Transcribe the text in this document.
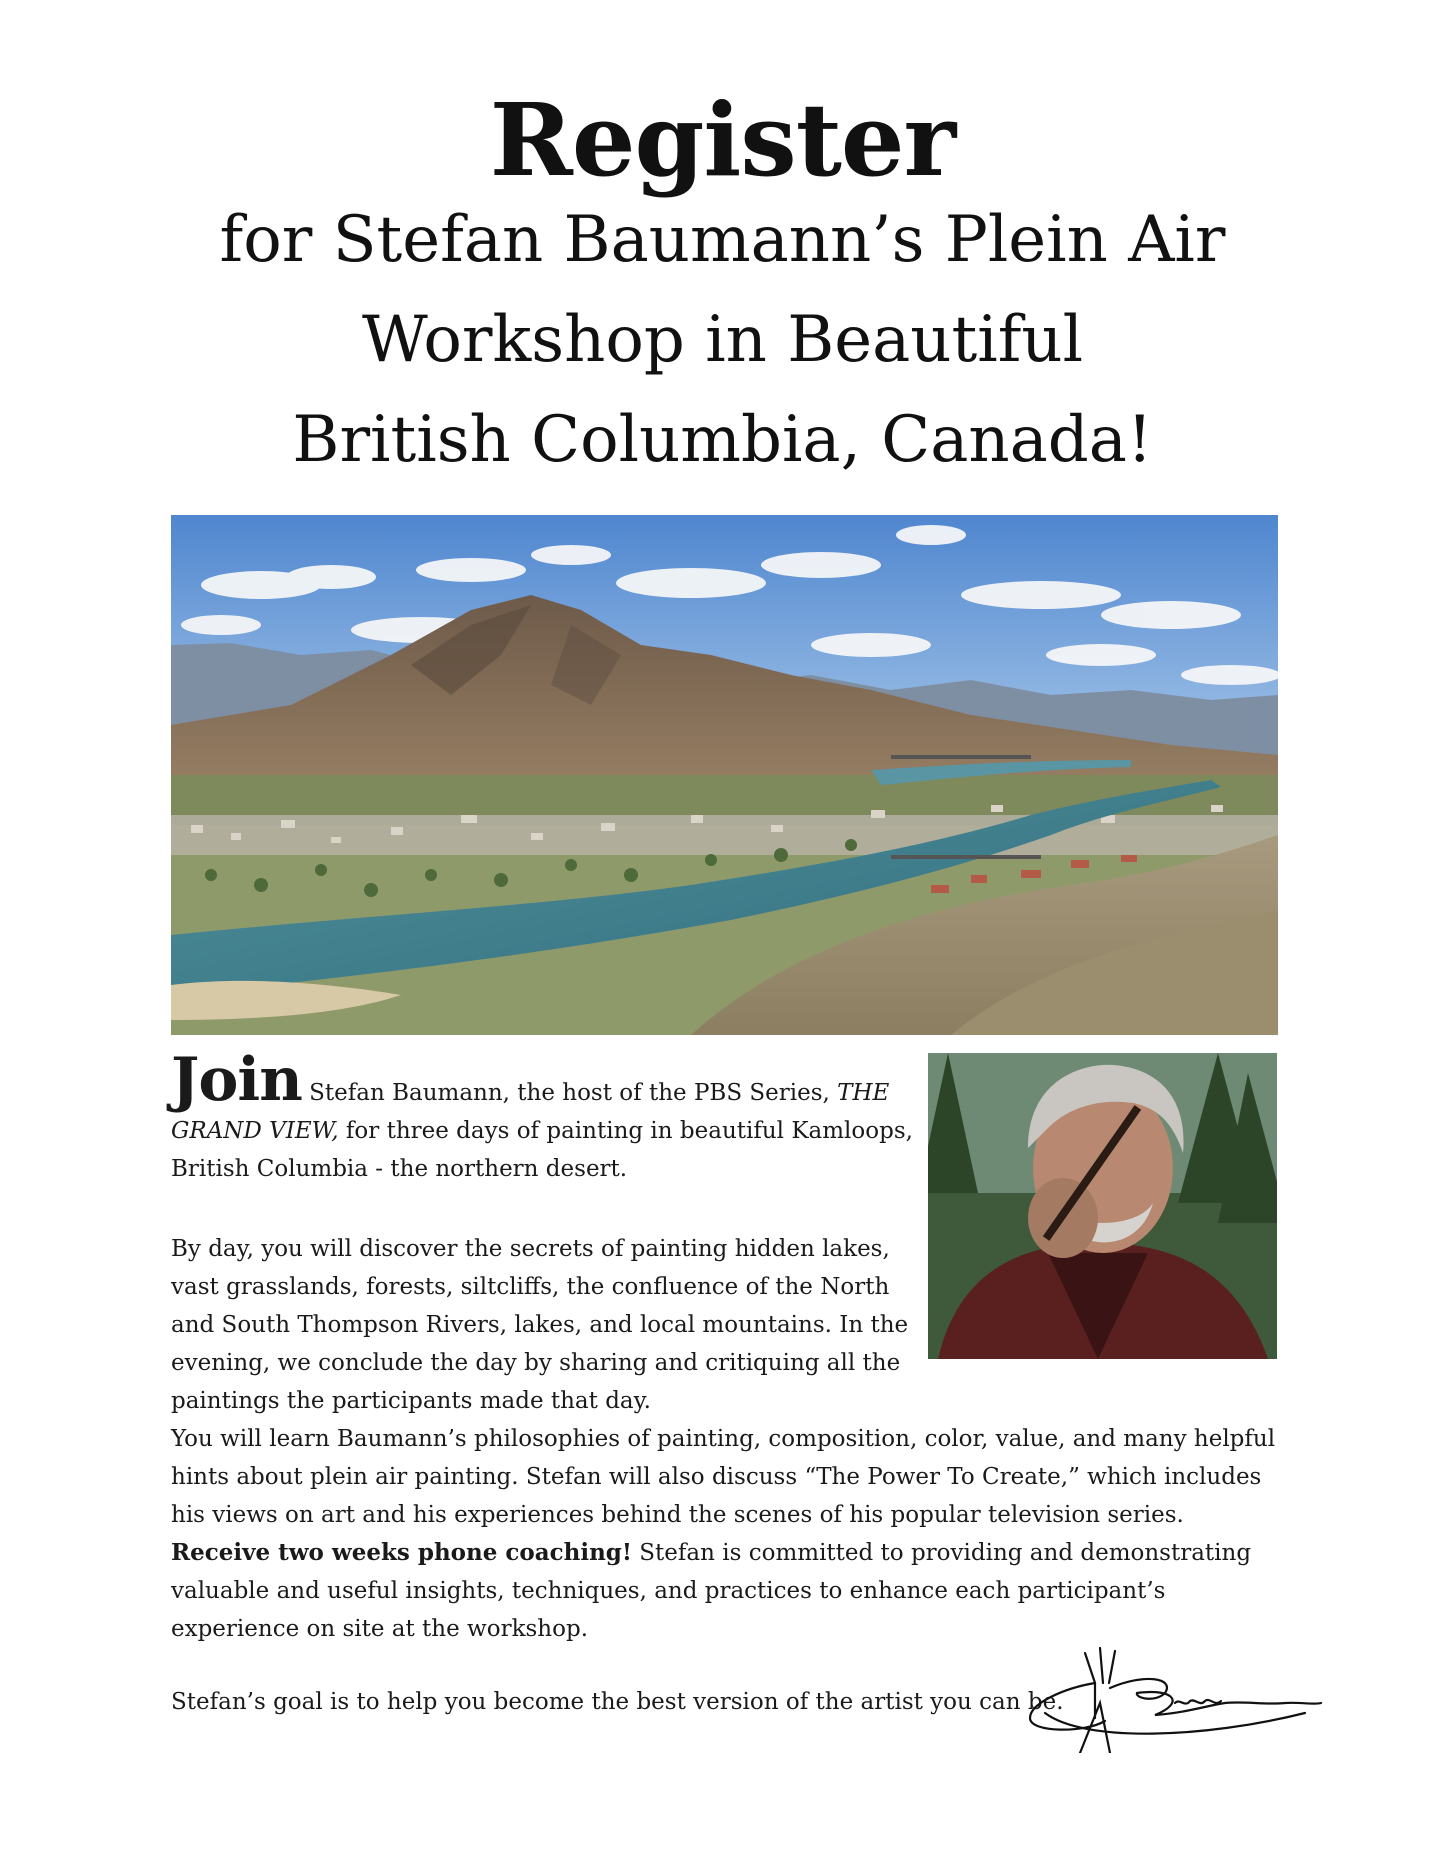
Register
for Stefan Baumann’s Plein Air
Workshop in Beautiful
British Columbia, Canada!
Join Stefan Baumann, the host of the PBS Series, THE GRAND VIEW, for three days of painting in beautiful Kamloops, British Columbia - the northern desert.
By day, you will discover the secrets of painting hidden lakes, vast grasslands, forests, siltcliffs, the confluence of the North and South Thompson Rivers, lakes, and local mountains. In the evening, we conclude the day by sharing and critiquing all the paintings the participants made that day.
You will learn Baumann’s philosophies of painting, composition, color, value, and many helpful hints about plein air painting. Stefan will also discuss “The Power To Create,” which includes his views on art and his experiences behind the scenes of his popular television series. Receive two weeks phone coaching! Stefan is committed to providing and demonstrating valuable and useful insights, techniques, and practices to enhance each participant’s experience on site at the workshop.
Stefan’s goal is to help you become the best version of the artist you can be.
